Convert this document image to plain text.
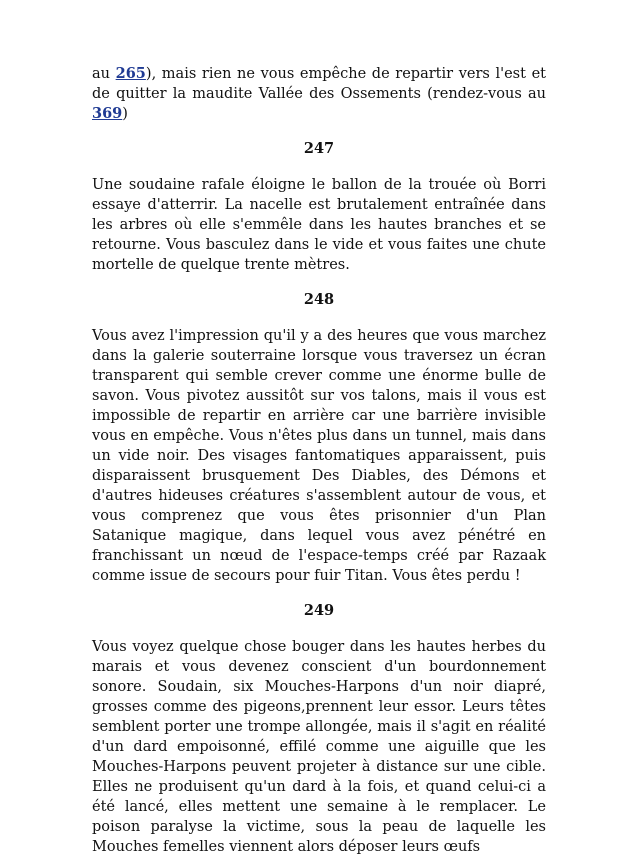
au 265), mais rien ne vous empêche de repartir vers l'est et de quitter la maudite Vallée des Ossements (rendez-vous au 369)

247

Une soudaine rafale éloigne le ballon de la trouée où Borri essaye d'atterrir. La nacelle est brutalement entraînée dans les arbres où elle s'emmêle dans les hautes branches et se retourne. Vous basculez dans le vide et vous faites une chute mortelle de quelque trente mètres.

248

Vous avez l'impression qu'il y a des heures que vous marchez dans la galerie souterraine lorsque vous traversez un écran transparent qui semble crever comme une énorme bulle de savon. Vous pivotez aussitôt sur vos talons, mais il vous est impossible de repartir en arrière car une barrière invisible vous en empêche. Vous n'êtes plus dans un tunnel, mais dans un vide noir. Des visages fantomatiques apparaissent, puis disparaissent brusquement Des Diables, des Démons et d'autres hideuses créatures s'assemblent autour de vous, et vous comprenez que vous êtes prisonnier d'un Plan Satanique magique, dans lequel vous avez pénétré en franchissant un nœud de l'espace-temps créé par Razaak comme issue de secours pour fuir Titan. Vous êtes perdu !

249

Vous voyez quelque chose bouger dans les hautes herbes du marais et vous devenez conscient d'un bourdonnement sonore. Soudain, six Mouches-Harpons d'un noir diapré, grosses comme des pigeons,prennent leur essor. Leurs têtes semblent porter une trompe allongée, mais il s'agit en réalité d'un dard empoisonné, effilé comme une aiguille que les Mouches-Harpons peuvent projeter à distance sur une cible. Elles ne produisent qu'un dard à la fois, et quand celui-ci a été lancé, elles mettent une semaine à le remplacer. Le poison paralyse la victime, sous la peau de laquelle les Mouches femelles viennent alors déposer leurs œufs
